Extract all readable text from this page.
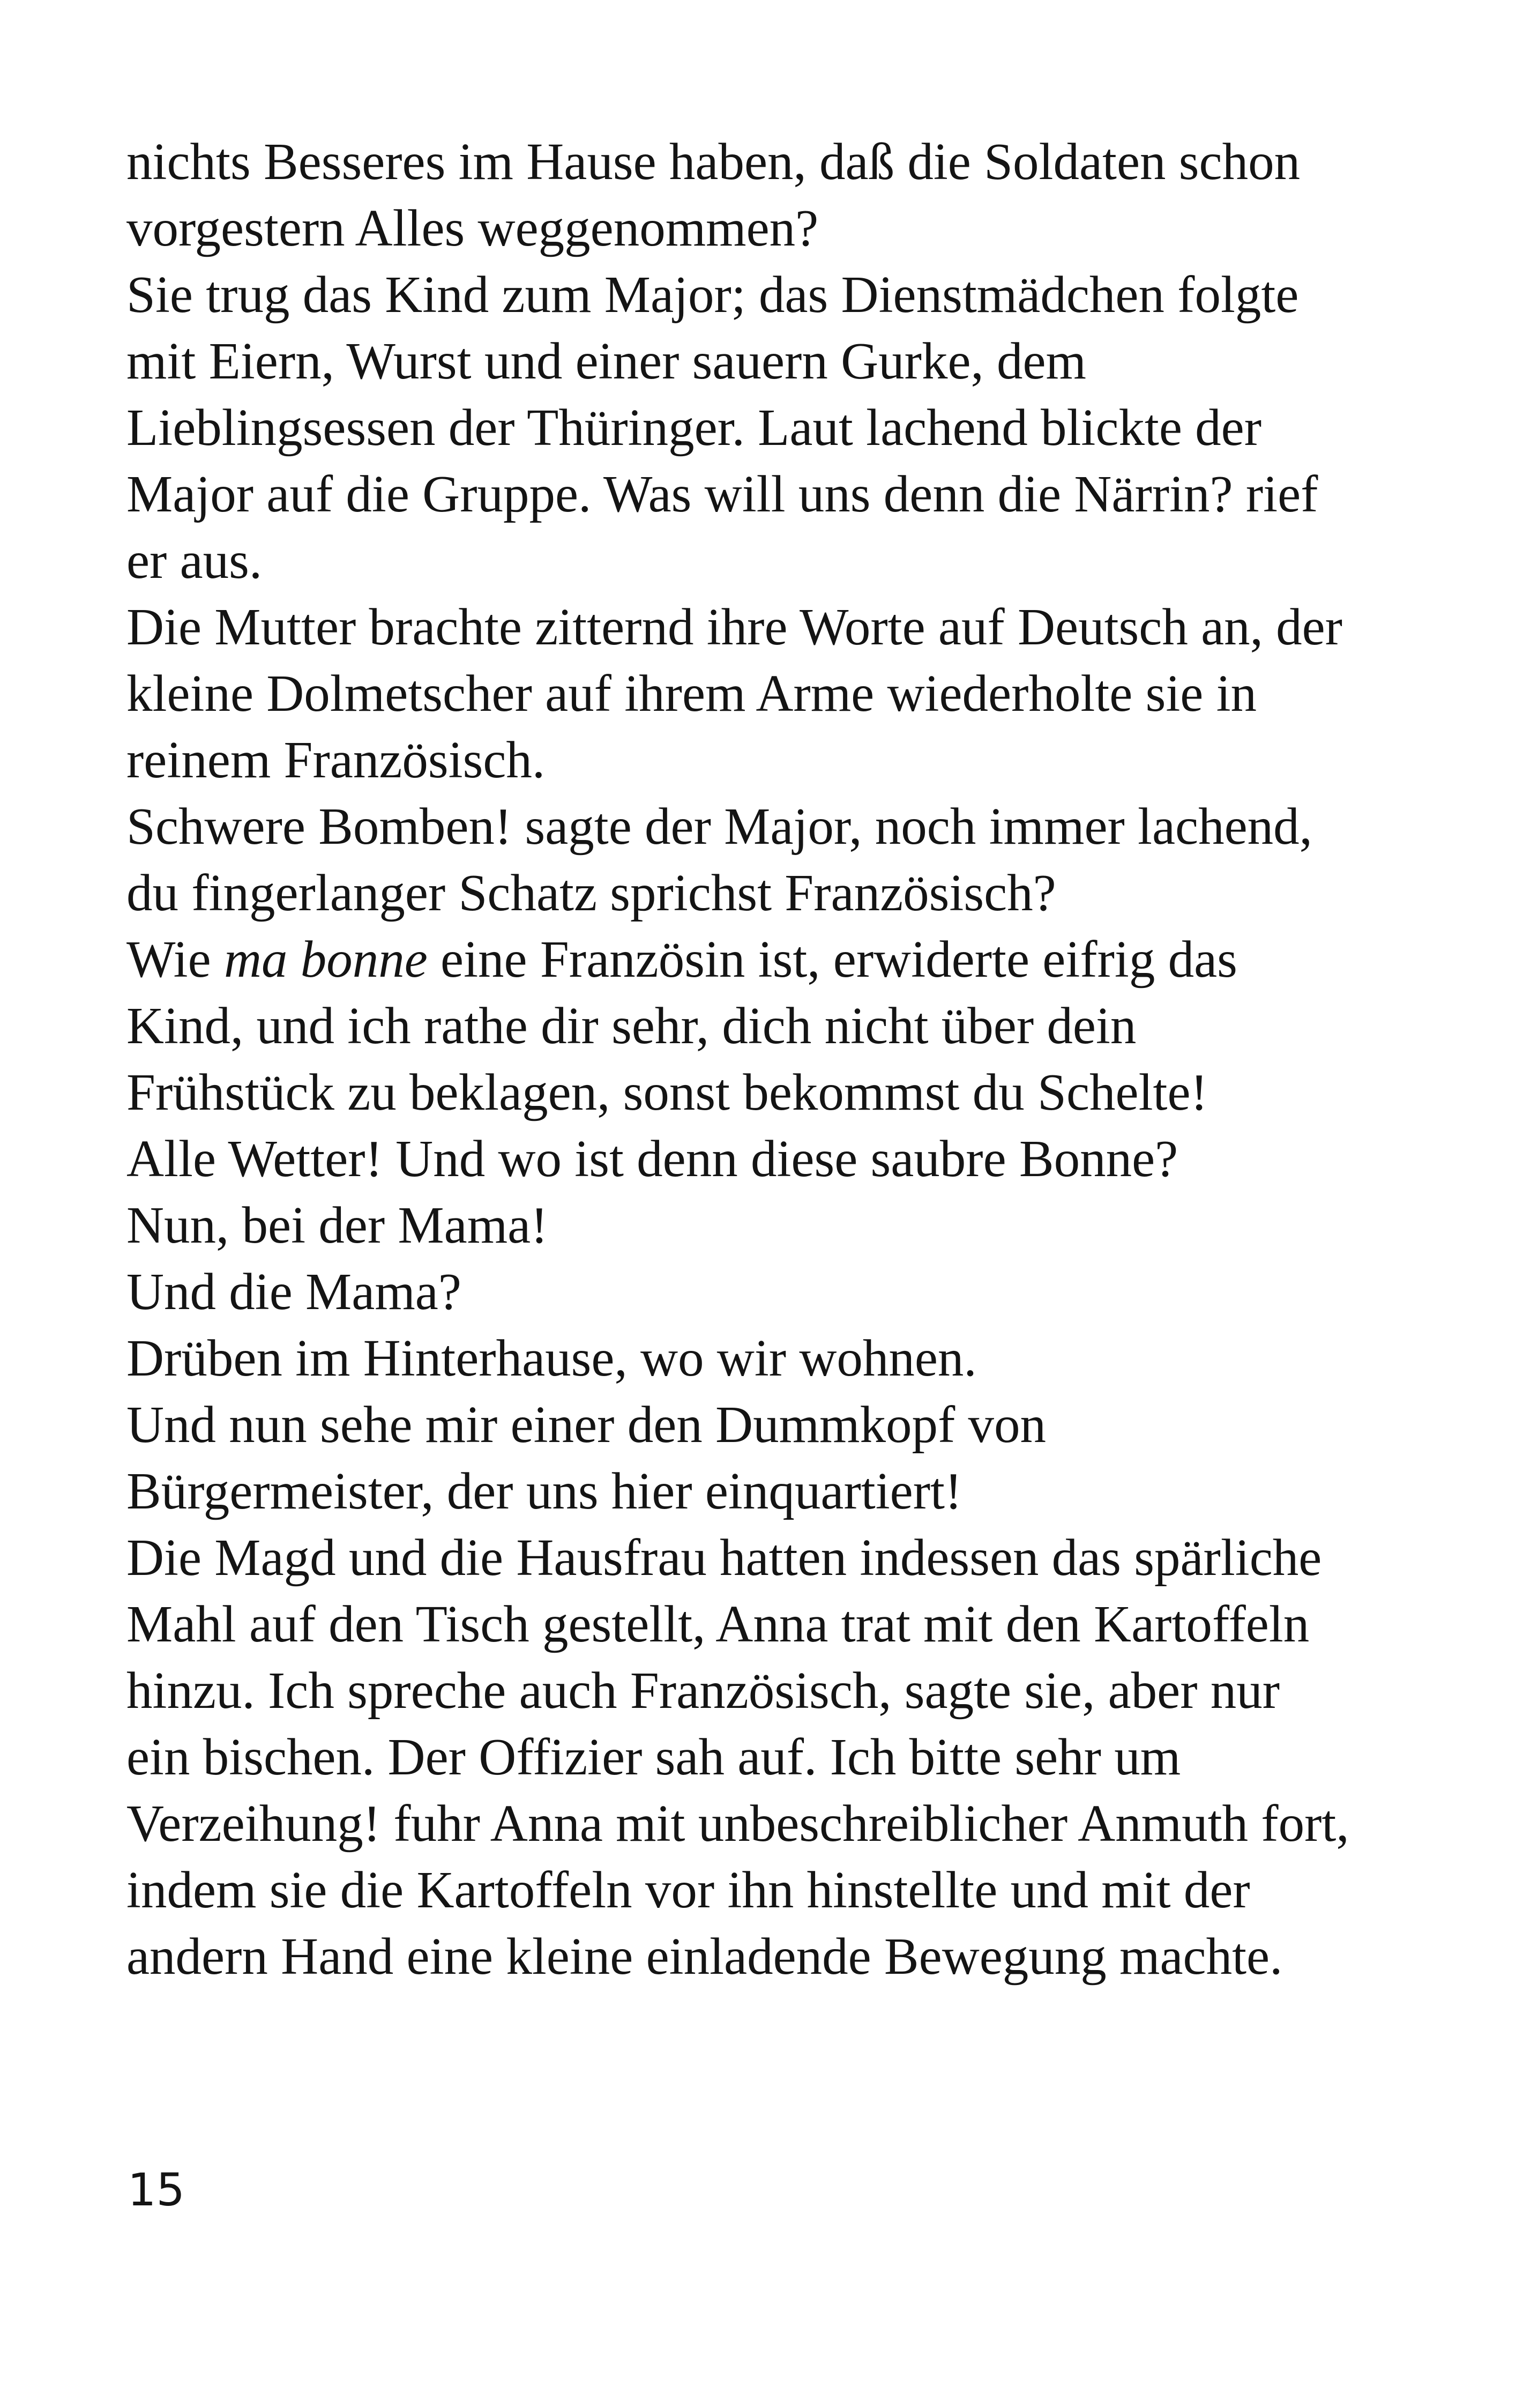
nichts Besseres im Hause haben, daß die Soldaten schon
vorgestern Alles weggenommen?
Sie trug das Kind zum Major; das Dienstmädchen folgte
mit Eiern, Wurst und einer sauern Gurke, dem
Lieblingsessen der Thüringer. Laut lachend blickte der
Major auf die Gruppe. Was will uns denn die Närrin? rief
er aus.
Die Mutter brachte zitternd ihre Worte auf Deutsch an, der
kleine Dolmetscher auf ihrem Arme wiederholte sie in
reinem Französisch.
Schwere Bomben! sagte der Major, noch immer lachend,
du fingerlanger Schatz sprichst Französisch?
Wie ma bonne eine Französin ist, erwiderte eifrig das
Kind, und ich rathe dir sehr, dich nicht über dein
Frühstück zu beklagen, sonst bekommst du Schelte!
Alle Wetter! Und wo ist denn diese saubre Bonne?
Nun, bei der Mama!
Und die Mama?
Drüben im Hinterhause, wo wir wohnen.
Und nun sehe mir einer den Dummkopf von
Bürgermeister, der uns hier einquartiert!
Die Magd und die Hausfrau hatten indessen das spärliche
Mahl auf den Tisch gestellt, Anna trat mit den Kartoffeln
hinzu. Ich spreche auch Französisch, sagte sie, aber nur
ein bischen. Der Offizier sah auf. Ich bitte sehr um
Verzeihung! fuhr Anna mit unbeschreiblicher Anmuth fort,
indem sie die Kartoffeln vor ihn hinstellte und mit der
andern Hand eine kleine einladende Bewegung machte.
15
